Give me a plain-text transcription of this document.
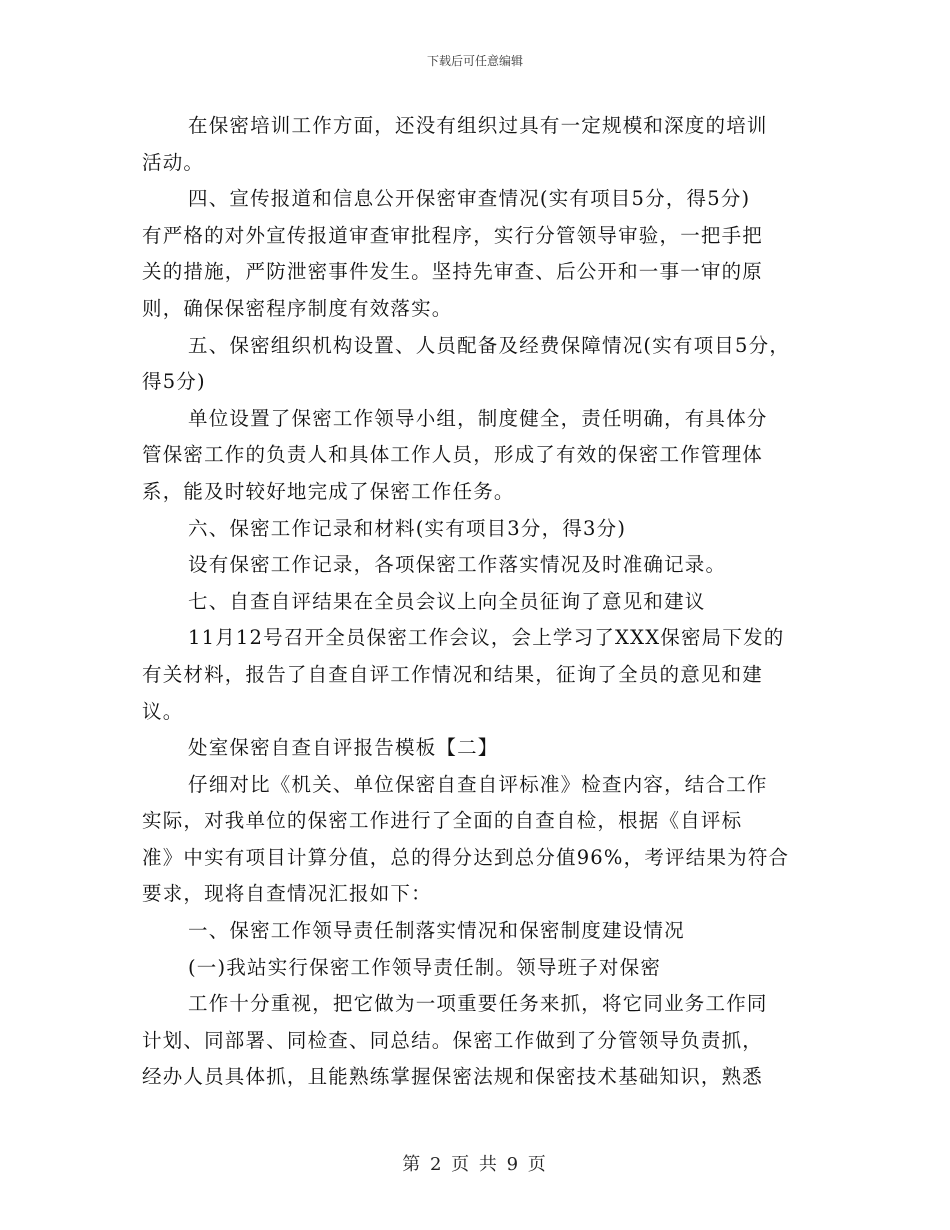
下载后可任意编辑
在保密培训工作方面，还没有组织过具有一定规模和深度的培训
活动。
四、宣传报道和信息公开保密审查情况(实有项目5分，得5分)
有严格的对外宣传报道审查审批程序，实行分管领导审验，一把手把
关的措施，严防泄密事件发生。坚持先审查、后公开和一事一审的原
则，确保保密程序制度有效落实。
五、保密组织机构设置、人员配备及经费保障情况(实有项目5分，
得5分)
单位设置了保密工作领导小组，制度健全，责任明确，有具体分
管保密工作的负责人和具体工作人员，形成了有效的保密工作管理体
系，能及时较好地完成了保密工作任务。
六、保密工作记录和材料(实有项目3分，得3分)
设有保密工作记录，各项保密工作落实情况及时准确记录。
七、自查自评结果在全员会议上向全员征询了意见和建议
11月12号召开全员保密工作会议，会上学习了XXX保密局下发的
有关材料，报告了自查自评工作情况和结果，征询了全员的意见和建
议。
处室保密自查自评报告模板【二】
仔细对比《机关、单位保密自查自评标准》检查内容，结合工作
实际，对我单位的保密工作进行了全面的自查自检，根据《自评标
准》中实有项目计算分值，总的得分达到总分值96%，考评结果为符合
要求，现将自查情况汇报如下：
一、保密工作领导责任制落实情况和保密制度建设情况
(一)我站实行保密工作领导责任制。领导班子对保密
工作十分重视，把它做为一项重要任务来抓，将它同业务工作同
计划、同部署、同检查、同总结。保密工作做到了分管领导负责抓，
经办人员具体抓，且能熟练掌握保密法规和保密技术基础知识，熟悉
第 2 页 共 9 页
